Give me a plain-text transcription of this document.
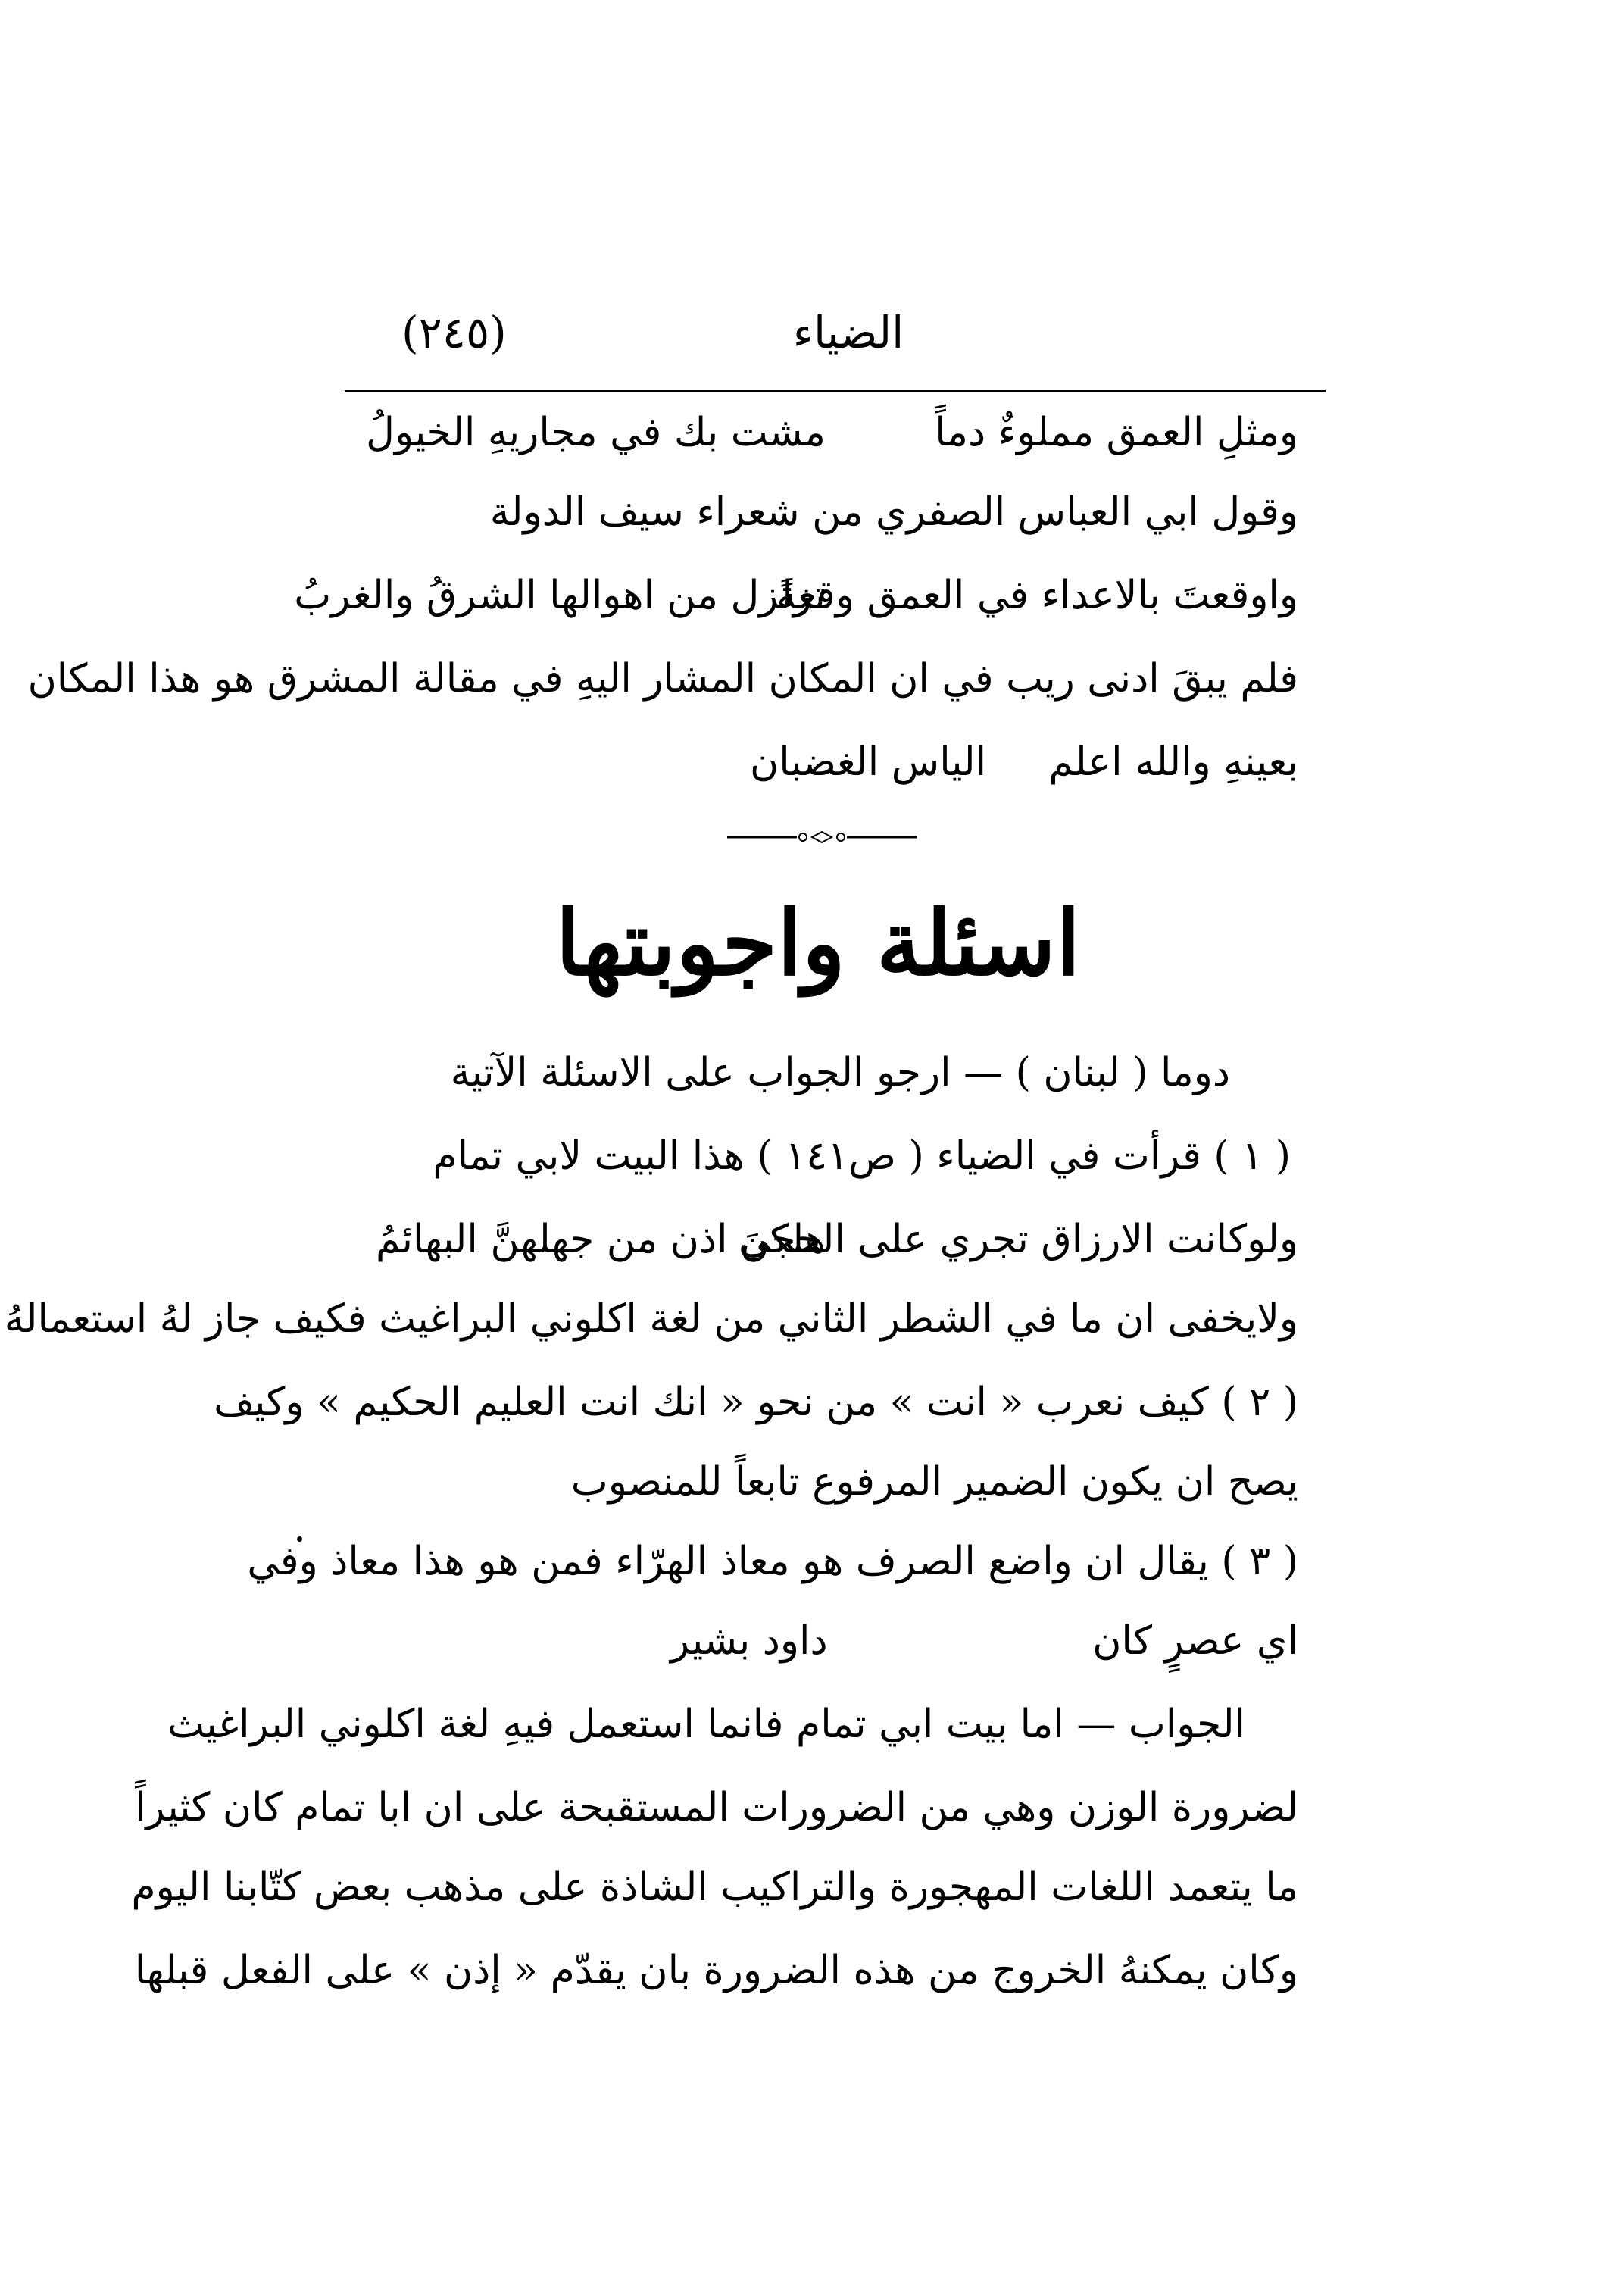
الضياء
(٢٤٥)
ومثلِ العمق مملوءٌ دماً
مشت بك في مجاريهِ الخيولُ
وقول ابي العباس الصفري من شعراء سيف الدولة
واوقعتَ بالاعداء في العمق وقعةً
تزلزل من اهوالها الشرقُ والغربُ
فلم يبقَ ادنى ريب في ان المكان المشار اليهِ في مقالة المشرق هو هذا المكان
بعينهِ والله اعلم
الياس الغضبان
اسئلة واجوبتها
دوما ( لبنان ) — ارجو الجواب على الاسئلة الآتية
( ١ ) قرأت في الضياء ( ص١٤١ ) هذا البيت لابي تمام
ولوكانت الارزاق تجري على الحجى
هلكنَ اذن من جهلهنَّ البهائمُ
ولايخفى ان ما في الشطر الثاني من لغة اكلوني البراغيث فكيف جاز لهُ استعمالهُ
( ٢ ) كيف نعرب « انت » من نحو « انك انت العليم الحكيم » وكيف
يصح ان يكون الضمير المرفوع تابعاً للمنصوب
( ٣ ) يقال ان واضع الصرف هو معاذ الهرّاء فمن هو هذا معاذ وفي
اي عصرٍ كان
داود بشير
الجواب — اما بيت ابي تمام فانما استعمل فيهِ لغة اكلوني البراغيث
لضرورة الوزن وهي من الضرورات المستقبحة على ان ابا تمام كان كثيراً
ما يتعمد اللغات المهجورة والتراكيب الشاذة على مذهب بعض كتّابنا اليوم
وكان يمكنهُ الخروج من هذه الضرورة بان يقدّم « إذن » على الفعل قبلها
